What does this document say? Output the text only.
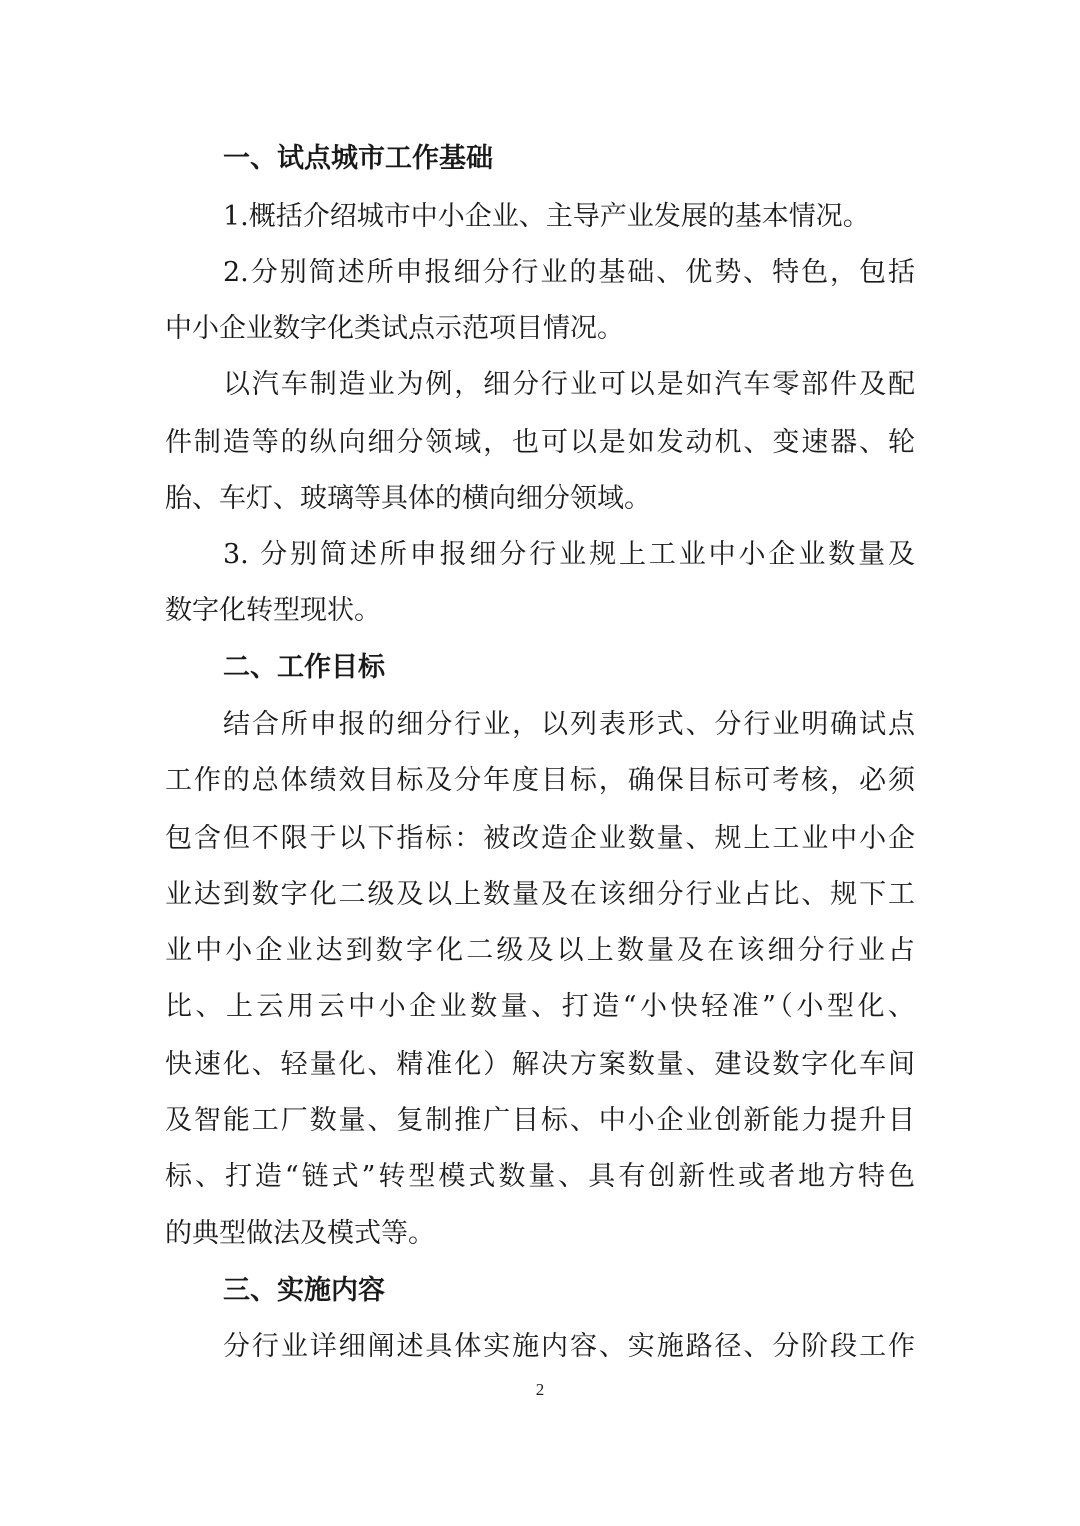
一、试点城市工作基础
1.概括介绍城市中小企业、主导产业发展的基本情况。
2.分别简述所申报细分行业的基础、优势、特色，包括
中小企业数字化类试点示范项目情况。
以汽车制造业为例，细分行业可以是如汽车零部件及配
件制造等的纵向细分领域，也可以是如发动机、变速器、轮
胎、车灯、玻璃等具体的横向细分领域。
3. 分别简述所申报细分行业规上工业中小企业数量及
数字化转型现状。
二、工作目标
结合所申报的细分行业，以列表形式、分行业明确试点
工作的总体绩效目标及分年度目标，确保目标可考核，必须
包含但不限于以下指标：被改造企业数量、规上工业中小企
业达到数字化二级及以上数量及在该细分行业占比、规下工
业中小企业达到数字化二级及以上数量及在该细分行业占
比、上云用云中小企业数量、打造“小快轻准”（小型化、
快速化、轻量化、精准化）解决方案数量、建设数字化车间
及智能工厂数量、复制推广目标、中小企业创新能力提升目
标、打造“链式”转型模式数量、具有创新性或者地方特色
的典型做法及模式等。
三、实施内容
分行业详细阐述具体实施内容、实施路径、分阶段工作
2
